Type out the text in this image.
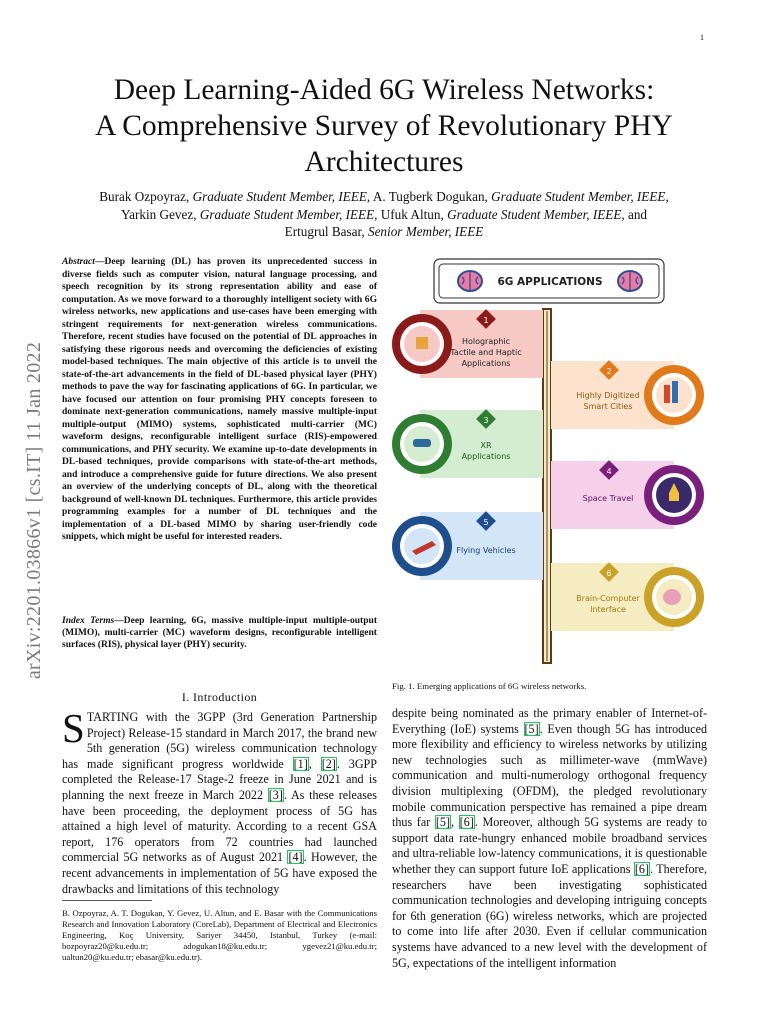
1
arXiv:2201.03866v1 [cs.IT] 11 Jan 2022
Deep Learning-Aided 6G Wireless Networks:
A Comprehensive Survey of Revolutionary PHY
Architectures
Burak Ozpoyraz, Graduate Student Member, IEEE, A. Tugberk Dogukan, Graduate Student Member, IEEE,
Yarkin Gevez, Graduate Student Member, IEEE, Ufuk Altun, Graduate Student Member, IEEE, and
Ertugrul Basar, Senior Member, IEEE
Abstract—Deep learning (DL) has proven its unprecedented success in diverse fields such as computer vision, natural language processing, and speech recognition by its strong representation ability and ease of computation. As we move forward to a thoroughly intelligent society with 6G wireless networks, new applications and use-cases have been emerging with stringent requirements for next-generation wireless communications. Therefore, recent studies have focused on the potential of DL approaches in satisfying these rigorous needs and overcoming the deficiencies of existing model-based techniques. The main objective of this article is to unveil the state-of-the-art advancements in the field of DL-based physical layer (PHY) methods to pave the way for fascinating applications of 6G. In particular, we have focused our attention on four promising PHY concepts foreseen to dominate next-generation communications, namely massive multiple-input multiple-output (MIMO) systems, sophisticated multi-carrier (MC) waveform designs, reconfigurable intelligent surface (RIS)-empowered communications, and PHY security. We examine up-to-date developments in DL-based techniques, provide comparisons with state-of-the-art methods, and introduce a comprehensive guide for future directions. We also present an overview of the underlying concepts of DL, along with the theoretical background of well-known DL techniques. Furthermore, this article provides programming examples for a number of DL techniques and the implementation of a DL-based MIMO by sharing user-friendly code snippets, which might be useful for interested readers.
Index Terms—Deep learning, 6G, massive multiple-input multiple-output (MIMO), multi-carrier (MC) waveform designs, reconfigurable intelligent surfaces (RIS), physical layer (PHY) security.
I. Introduction
STARTING with the 3GPP (3rd Generation Partnership Project) Release-15 standard in March 2017, the brand new 5th generation (5G) wireless communication technology has made significant progress worldwide [1], [2]. 3GPP completed the Release-17 Stage-2 freeze in June 2021 and is planning the next freeze in March 2022 [3]. As these releases have been proceeding, the deployment process of 5G has attained a high level of maturity. According to a recent GSA report, 176 operators from 72 countries had launched commercial 5G networks as of August 2021 [4]. However, the recent advancements in implementation of 5G have exposed the drawbacks and limitations of this technology
B. Ozpoyraz, A. T. Dogukan, Y. Gevez, U. Altun, and E. Basar with the Communications Research and Innovation Laboratory (CoreLab), Department of Electrical and Electronics Engineering, Koç University, Sariyer 34450, Istanbul, Turkey (e-mail: bozpoyraz20@ku.edu.tr; adogukan18@ku.edu.tr; ygevez21@ku.edu.tr; ualtun20@ku.edu.tr; ebasar@ku.edu.tr).
Fig. 1. Emerging applications of 6G wireless networks.
despite being nominated as the primary enabler of Internet-of-Everything (IoE) systems [5]. Even though 5G has introduced more flexibility and efficiency to wireless networks by utilizing new technologies such as millimeter-wave (mmWave) communication and multi-numerology orthogonal frequency division multiplexing (OFDM), the pledged revolutionary mobile communication perspective has remained a pipe dream thus far [5], [6]. Moreover, although 5G systems are ready to support data rate-hungry enhanced mobile broadband services and ultra-reliable low-latency communications, it is questionable whether they can support future IoE applications [6]. Therefore, researchers have been investigating sophisticated communication technologies and developing intriguing concepts for 6th generation (6G) wireless networks, which are projected to come into life after 2030. Even if cellular communication systems have advanced to a new level with the development of 5G, expectations of the intelligent information
6G APPLICATIONS
1
Holographic
Tactile and Haptic
Applications
2
Highly Digitized
Smart Cities
3
XR
Applications
4
Space Travel
5
Flying Vehicles
6
Brain-Computer
Interface
